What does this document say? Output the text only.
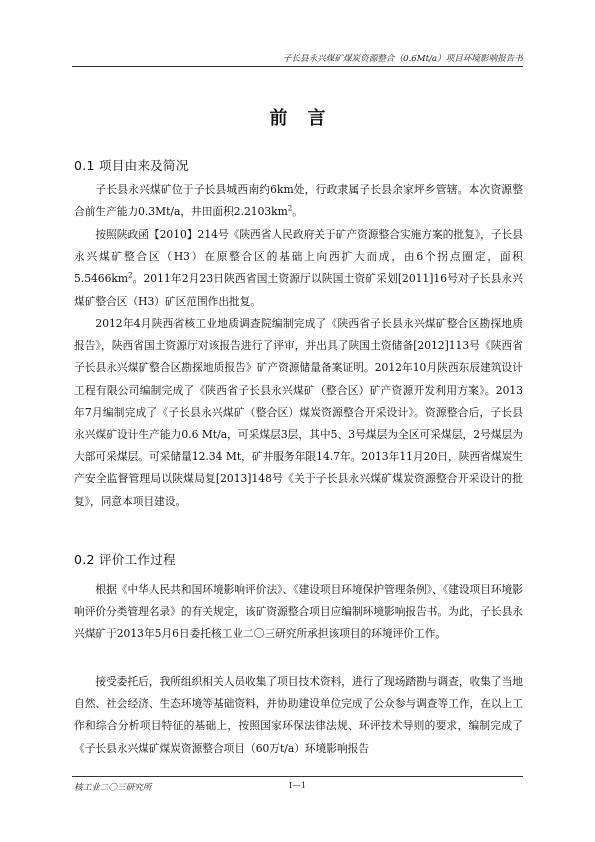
子长县永兴煤矿煤炭资源整合（0.6Mt/a）项目环境影响报告书
前言
0.1 项目由来及简况

子长县永兴煤矿位于子长县城西南约6km处，行政隶属子长县余家坪乡管辖。本次资源整合前生产能力0.3Mt/a，井田面积$2.2103km^2$。

按照陕政函【2010】214号《陕西省人民政府关于矿产资源整合实施方案的批复》，子长县永兴煤矿整合区（H3）在原整合区的基础上向西扩大而成，由6个拐点圈定，面积$5.5466km^2$。2011年2月23日陕西省国土资源厅以陕国土资矿采划[2011]16号对子长县永兴煤矿整合区（H3）矿区范围作出批复。

2012年4月陕西省核工业地质调查院编制完成了《陕西省子长县永兴煤矿整合区勘探地质报告》，陕西省国土资源厅对该报告进行了评审，并出具了陕国土资储备[2012]113号《陕西省子长县永兴煤矿整合区勘探地质报告》矿产资源储量备案证明。2012年10月陕西东辰建筑设计工程有限公司编制完成了《陕西省子长县永兴煤矿（整合区）矿产资源开发利用方案》。2013年7月编制完成了《子长县永兴煤矿（整合区）煤炭资源整合开采设计》。资源整合后，子长县永兴煤矿设计生产能力0.6 Mt/a，可采煤层3层，其中5、3号煤层为全区可采煤层，2号煤层为大部可采煤层。可采储量12.34 Mt，矿井服务年限14.7年。2013年11月20日，陕西省煤炭生产安全监督管理局以陕煤局复[2013]148号《关于子长县永兴煤矿煤炭资源整合开采设计的批复》，同意本项目建设。

0.2 评价工作过程

根据《中华人民共和国环境影响评价法》、《建设项目环境保护管理条例》、《建设项目环境影响评价分类管理名录》的有关规定，该矿资源整合项目应编制环境影响报告书。为此，子长县永兴煤矿于2013年5月6日委托核工业二〇三研究所承担该项目的环境评价工作。

接受委托后，我所组织相关人员收集了项目技术资料，进行了现场踏勘与调查，收集了当地自然、社会经济、生态环境等基础资料，并协助建设单位完成了公众参与调查等工作，在以上工作和综合分析项目特征的基础上，按照国家环保法律法规、环评技术导则的要求，编制完成了《子长县永兴煤矿煤炭资源整合项目（60万t/a）环境影响报告

核工业二〇三研究所	I—1
